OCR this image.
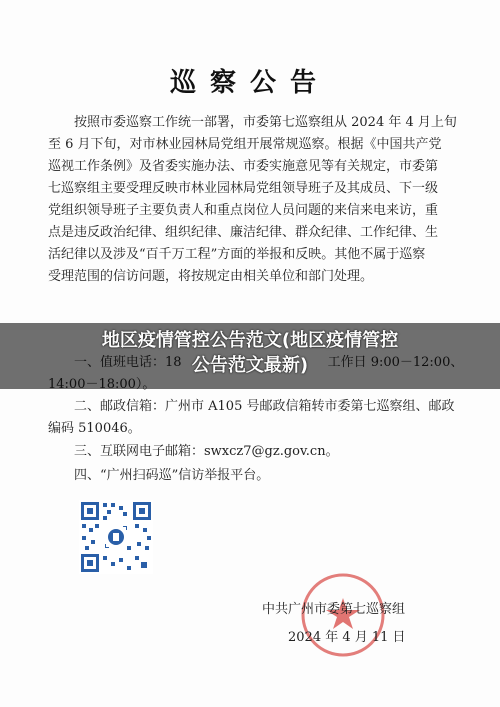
巡察公告
按照市委巡察工作统一部署，市委第七巡察组从 2024 年 4 月上旬
至 6 月下旬，对市林业园林局党组开展常规巡察。根据《中国共产党
巡视工作条例》及省委实施办法、市委实施意见等有关规定，市委第
七巡察组主要受理反映市林业园林局党组领导班子及其成员、下一级
党组织领导班子主要负责人和重点岗位人员问题的来信来电来访，重
点是违反政治纪律、组织纪律、廉洁纪律、群众纪律、工作纪律、生
活纪律以及涉及“百千万工程”方面的举报和反映。其他不属于巡察
受理范围的信访问题，将按规定由相关单位和部门处理。
二、邮政信箱：广州市 A105 号邮政信箱转市委第七巡察组、邮政
编码 510046。
三、互联网电子邮箱：swxcz7@gz.gov.cn。
四、“广州扫码巡”信访举报平台。
中共广州市委第七巡察组
2024 年 4 月 11 日
地区疫情管控公告范文(地区疫情管控
公告范文最新)
